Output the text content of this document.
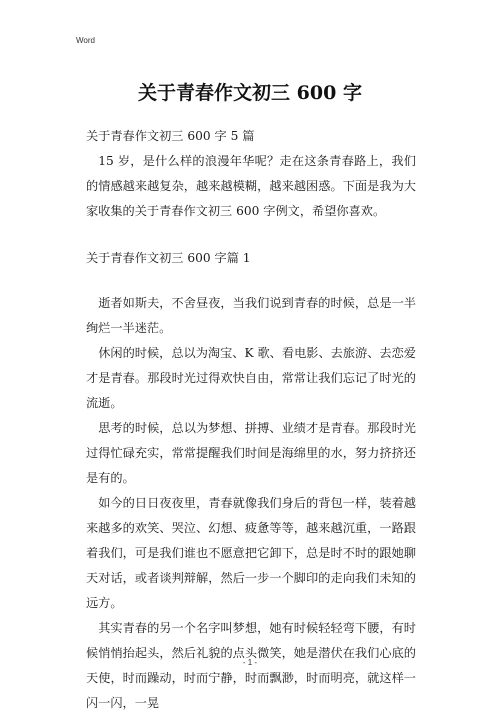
Word
关于青春作文初三 600 字

关于青春作文初三 600 字 5 篇

15 岁，是什么样的浪漫年华呢？走在这条青春路上，我们的情感越来越复杂，越来越模糊，越来越困惑。下面是我为大家收集的关于青春作文初三 600 字例文，希望你喜欢。

关于青春作文初三 600 字篇 1

逝者如斯夫，不舍昼夜，当我们说到青春的时候，总是一半绚烂一半迷茫。

休闲的时候，总以为淘宝、K 歌、看电影、去旅游、去恋爱才是青春。那段时光过得欢快自由，常常让我们忘记了时光的流逝。

思考的时候，总以为梦想、拼搏、业绩才是青春。那段时光过得忙碌充实，常常提醒我们时间是海绵里的水，努力挤挤还是有的。

如今的日日夜夜里，青春就像我们身后的背包一样，装着越来越多的欢笑、哭泣、幻想、疲惫等等，越来越沉重，一路跟着我们，可是我们谁也不愿意把它卸下，总是时不时的跟她聊天对话，或者谈判辩解，然后一步一个脚印的走向我们未知的远方。

其实青春的另一个名字叫梦想，她有时候轻轻弯下腰，有时候悄悄抬起头，然后礼貌的点头微笑，她是潜伏在我们心底的天使，时而躁动，时而宁静，时而飘渺，时而明亮，就这样一闪一闪，一晃

- 1 -
